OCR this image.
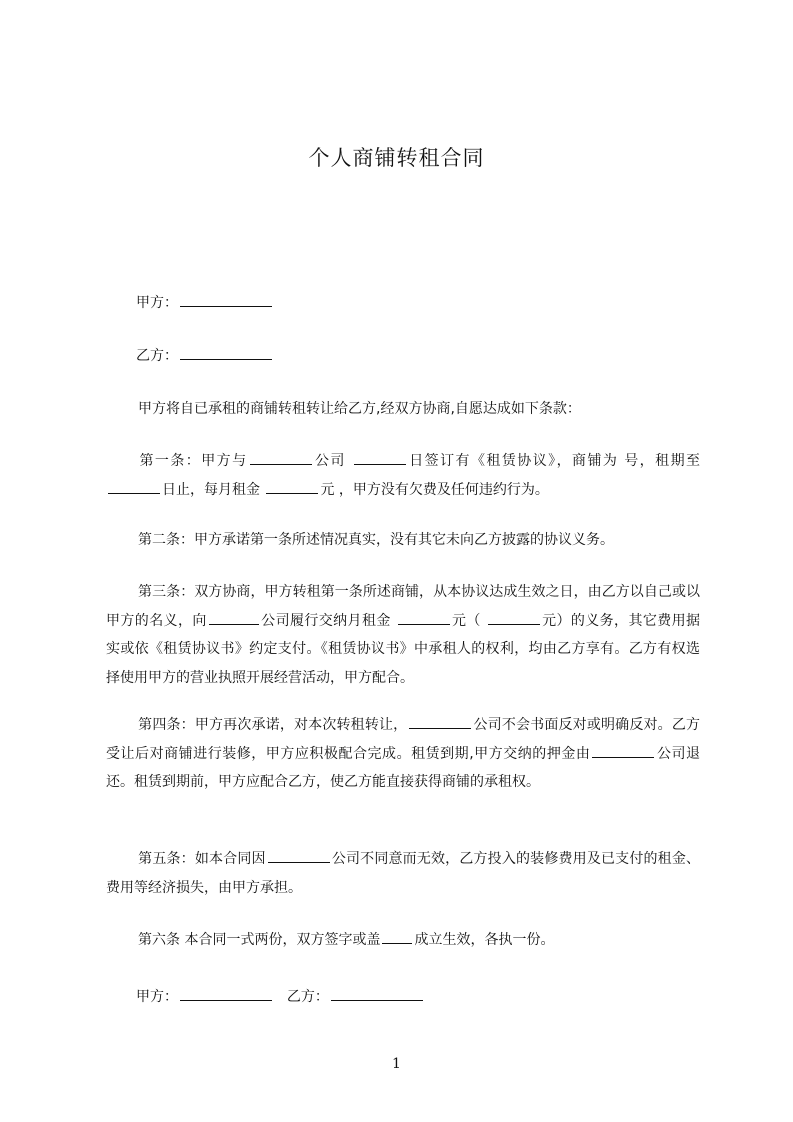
个人商铺转租合同
甲方：
乙方：
甲方将自已承租的商铺转租转让给乙方,经双方协商,自愿达成如下条款：
第一条：甲方与	公司	日签订有《租赁协议》，商铺为 号，租期至 日止，每月租金	元 ，甲方没有欠费及任何违约行为。
第二条：甲方承诺第一条所述情况真实，没有其它未向乙方披露的协议义务。
第三条：双方协商，甲方转租第一条所述商铺，从本协议达成生效之日，由乙方以自己或以甲方的名义，向	公司履行交纳月租金	元（	元）的义务，其它费用据实或依《租赁协议书》约定支付。《租赁协议书》中承租人的权利，均由乙方享有。乙方有权选择使用甲方的营业执照开展经营活动，甲方配合。
第四条：甲方再次承诺，对本次转租转让，	公司不会书面反对或明确反对。乙方受让后对商铺进行装修，甲方应积极配合完成。租赁到期,甲方交纳的押金由	公司退还。租赁到期前，甲方应配合乙方，使乙方能直接获得商铺的承租权。
第五条：如本合同因	公司不同意而无效，乙方投入的装修费用及已支付的租金、费用等经济损失，由甲方承担。
第六条 本合同一式两份，双方签字或盖 成立生效，各执一份。
甲方：	乙方：
1
